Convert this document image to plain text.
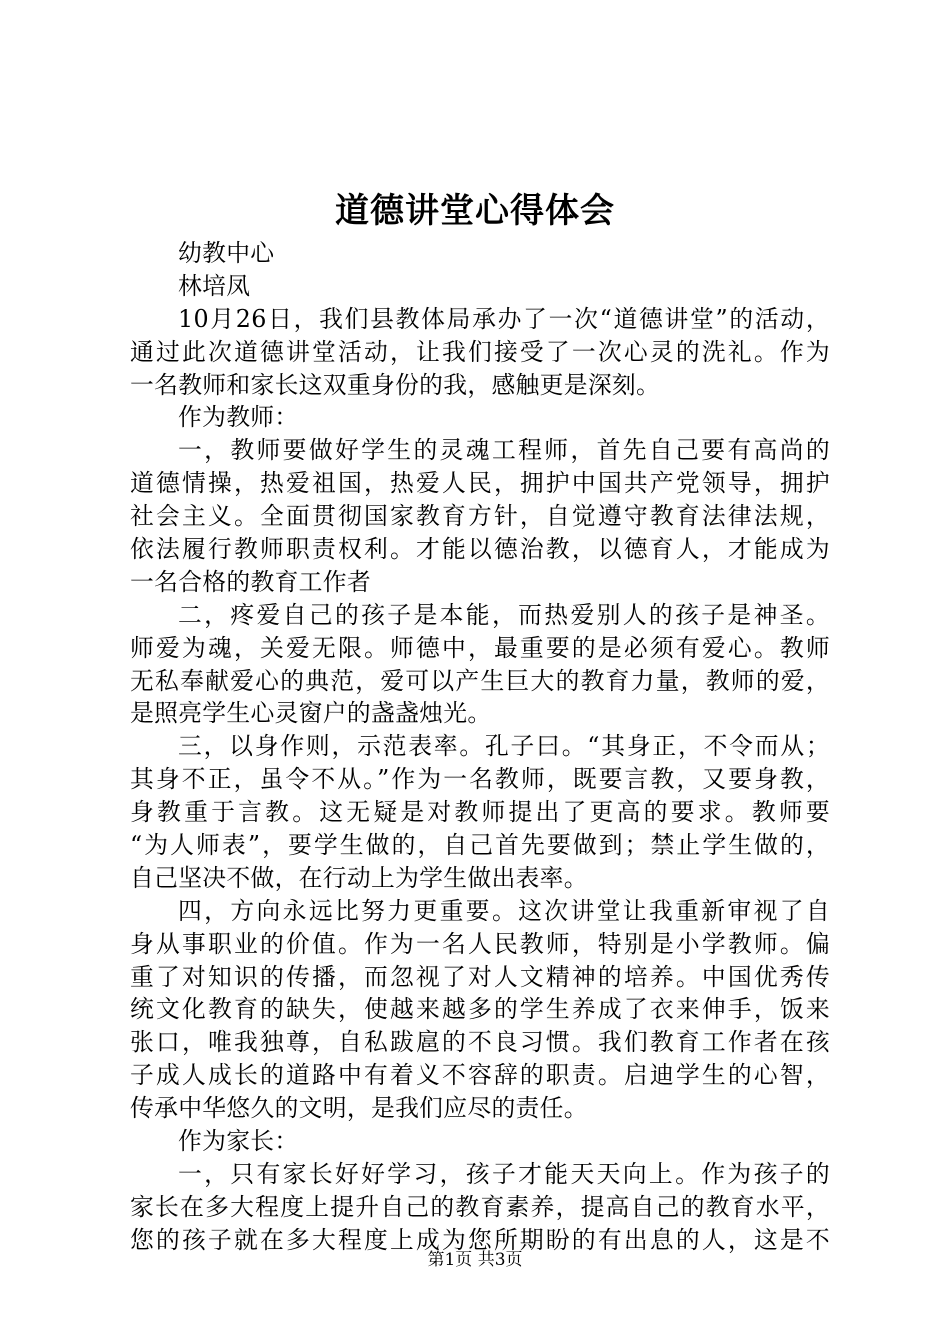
道德讲堂心得体会

幼教中心

林培凤

10月26日，我们县教体局承办了一次“道德讲堂”的活动，

通过此次道德讲堂活动，让我们接受了一次心灵的洗礼。作为

一名教师和家长这双重身份的我，感触更是深刻。

作为教师：

一，教师要做好学生的灵魂工程师，首先自己要有高尚的

道德情操，热爱祖国，热爱人民，拥护中国共产党领导，拥护

社会主义。全面贯彻国家教育方针，自觉遵守教育法律法规，

依法履行教师职责权利。才能以德治教，以德育人，才能成为

一名合格的教育工作者

二，疼爱自己的孩子是本能，而热爱别人的孩子是神圣。

师爱为魂，关爱无限。师德中，最重要的是必须有爱心。教师

无私奉献爱心的典范，爱可以产生巨大的教育力量，教师的爱，

是照亮学生心灵窗户的盏盏烛光。

三，以身作则，示范表率。孔子曰。“其身正，不令而从；

其身不正，虽令不从。”作为一名教师，既要言教，又要身教，

身教重于言教。这无疑是对教师提出了更高的要求。教师要

“为人师表”，要学生做的，自己首先要做到；禁止学生做的，

自己坚决不做，在行动上为学生做出表率。

四，方向永远比努力更重要。这次讲堂让我重新审视了自

身从事职业的价值。作为一名人民教师，特别是小学教师。偏

重了对知识的传播，而忽视了对人文精神的培养。中国优秀传

统文化教育的缺失，使越来越多的学生养成了衣来伸手，饭来

张口，唯我独尊，自私跋扈的不良习惯。我们教育工作者在孩

子成人成长的道路中有着义不容辞的职责。启迪学生的心智，

传承中华悠久的文明，是我们应尽的责任。

作为家长：

一，只有家长好好学习，孩子才能天天向上。作为孩子的

家长在多大程度上提升自己的教育素养，提高自己的教育水平，

您的孩子就在多大程度上成为您所期盼的有出息的人，这是不

第1页 共3页
